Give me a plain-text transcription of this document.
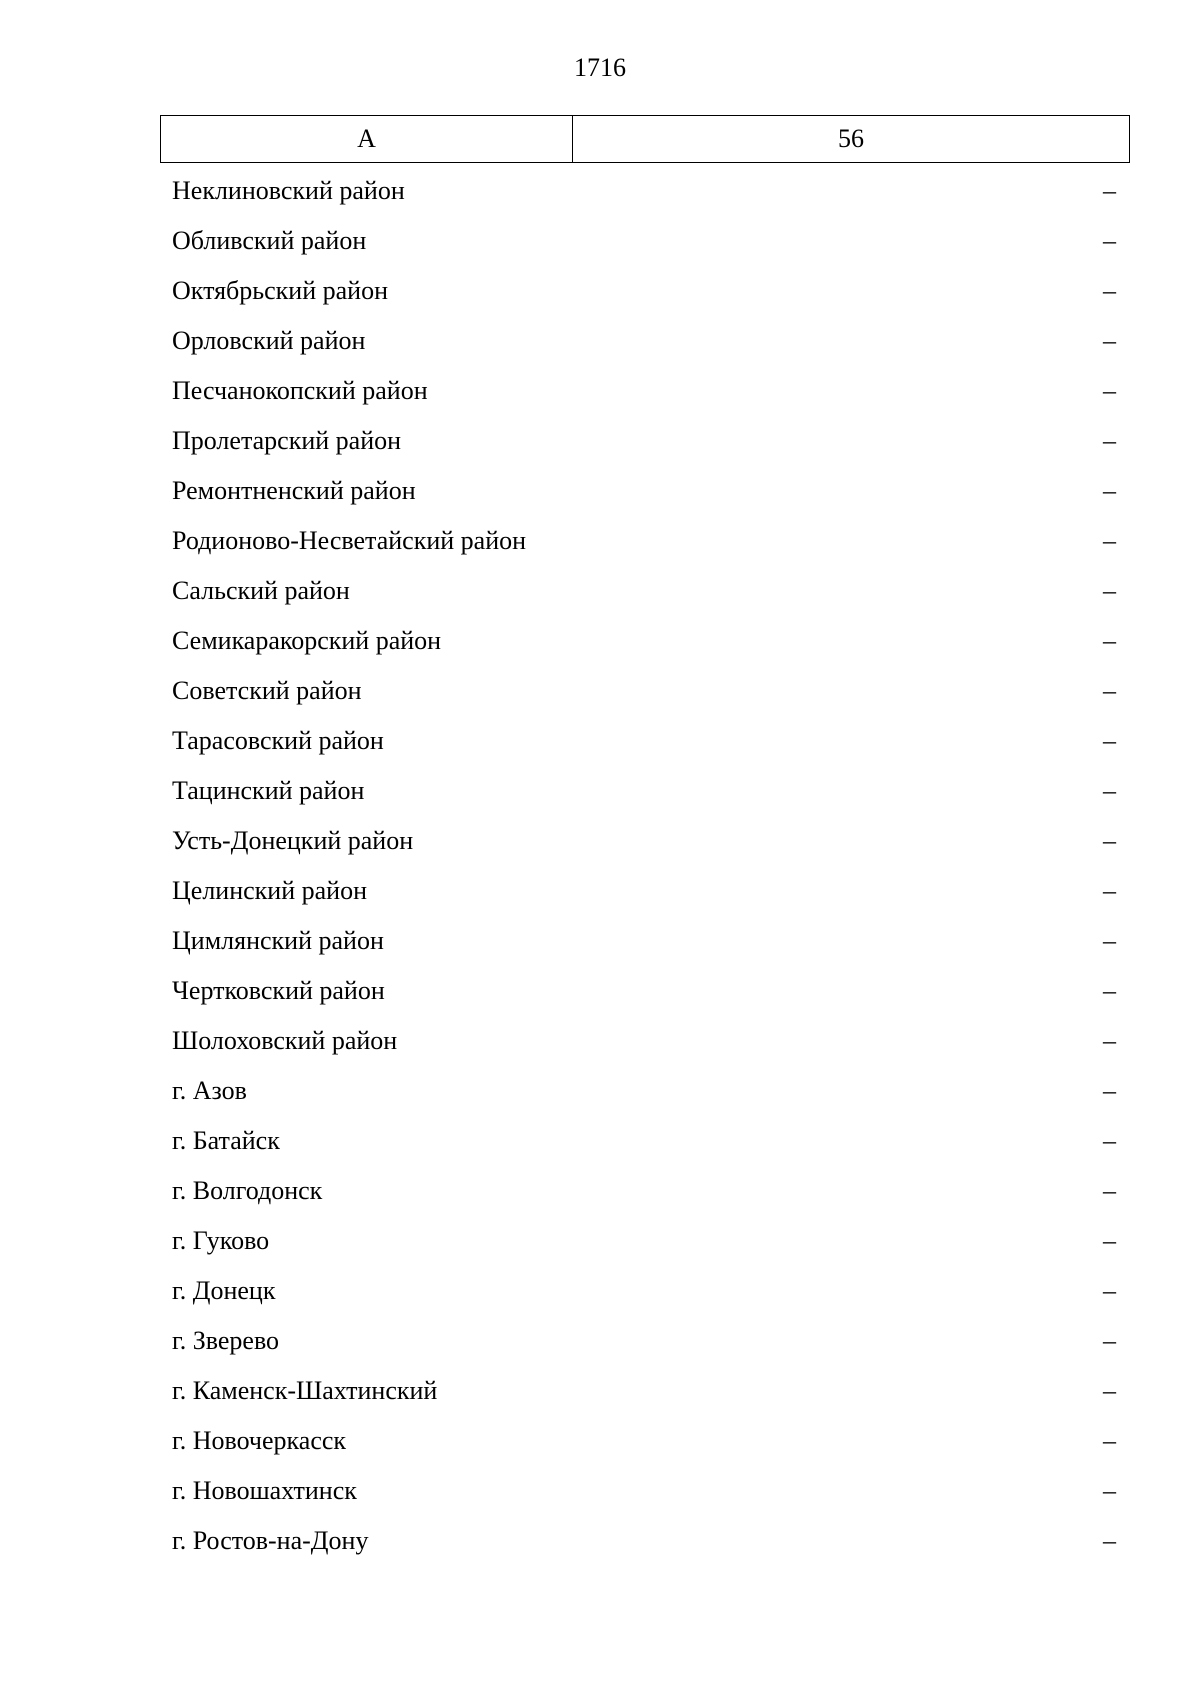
1716
А	56
Неклиновский район	–
Обливский район	–
Октябрьский район	–
Орловский район	–
Песчанокопский район	–
Пролетарский район	–
Ремонтненский район	–
Родионово-Несветайский район	–
Сальский район	–
Семикаракорский район	–
Советский район	–
Тарасовский район	–
Тацинский район	–
Усть-Донецкий район	–
Целинский район	–
Цимлянский район	–
Чертковский район	–
Шолоховский район	–
г. Азов	–
г. Батайск	–
г. Волгодонск	–
г. Гуково	–
г. Донецк	–
г. Зверево	–
г. Каменск-Шахтинский	–
г. Новочеркасск	–
г. Новошахтинск	–
г. Ростов-на-Дону	–
